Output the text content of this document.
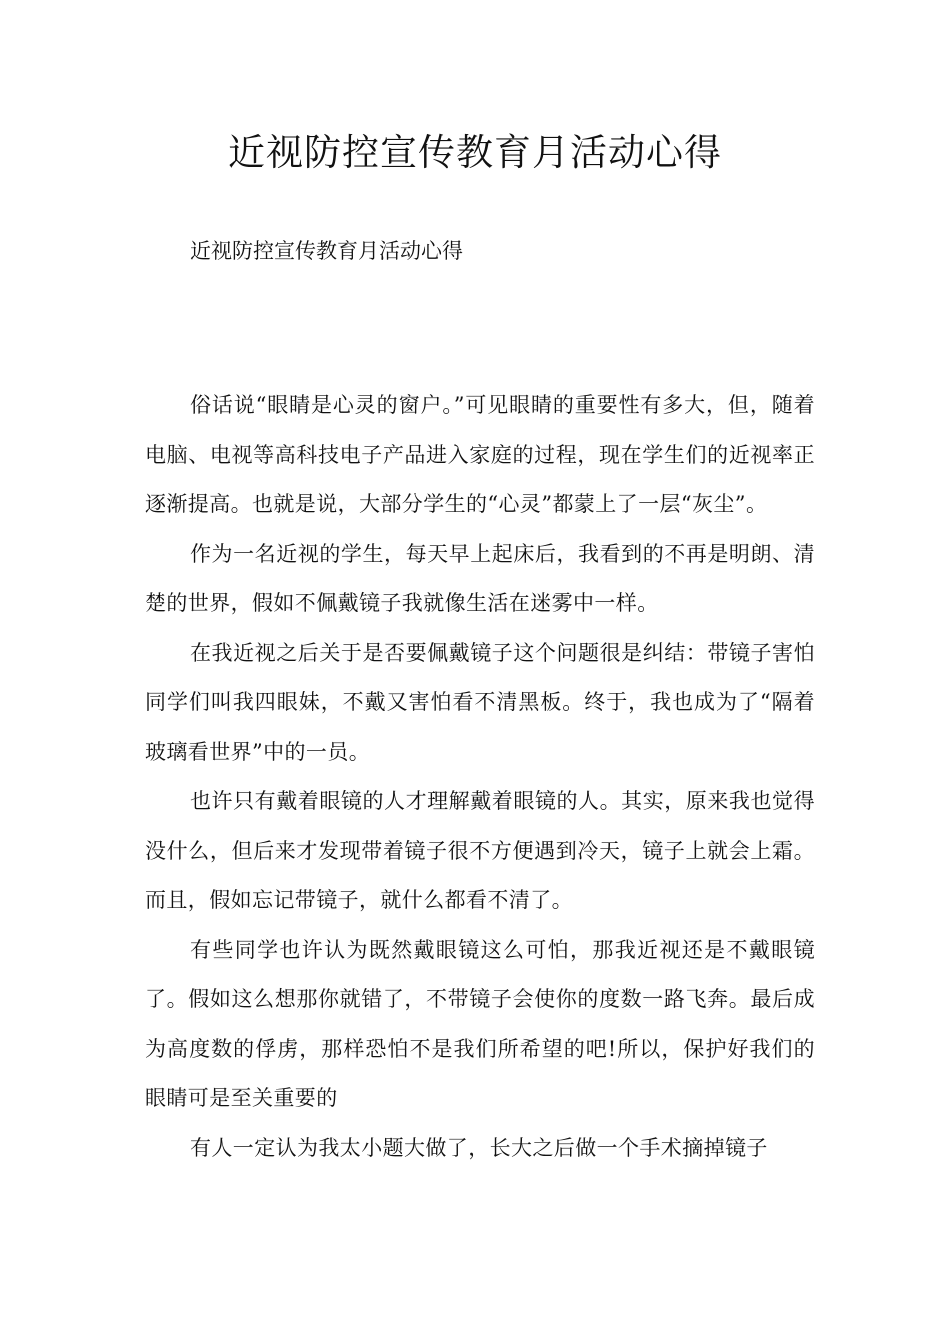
近视防控宣传教育月活动心得

近视防控宣传教育月活动心得

俗话说“眼睛是心灵的窗户。”可见眼睛的重要性有多大，但，随着电脑、电视等高科技电子产品进入家庭的过程，现在学生们的近视率正逐渐提高。也就是说，大部分学生的“心灵”都蒙上了一层“灰尘”。

作为一名近视的学生，每天早上起床后，我看到的不再是明朗、清楚的世界，假如不佩戴镜子我就像生活在迷雾中一样。

在我近视之后关于是否要佩戴镜子这个问题很是纠结：带镜子害怕同学们叫我四眼妹，不戴又害怕看不清黑板。终于，我也成为了“隔着玻璃看世界”中的一员。

也许只有戴着眼镜的人才理解戴着眼镜的人。其实，原来我也觉得没什么，但后来才发现带着镜子很不方便遇到冷天，镜子上就会上霜。而且，假如忘记带镜子，就什么都看不清了。

有些同学也许认为既然戴眼镜这么可怕，那我近视还是不戴眼镜了。假如这么想那你就错了，不带镜子会使你的度数一路飞奔。最后成为高度数的俘虏，那样恐怕不是我们所希望的吧!所以，保护好我们的眼睛可是至关重要的

有人一定认为我太小题大做了，长大之后做一个手术摘掉镜子
